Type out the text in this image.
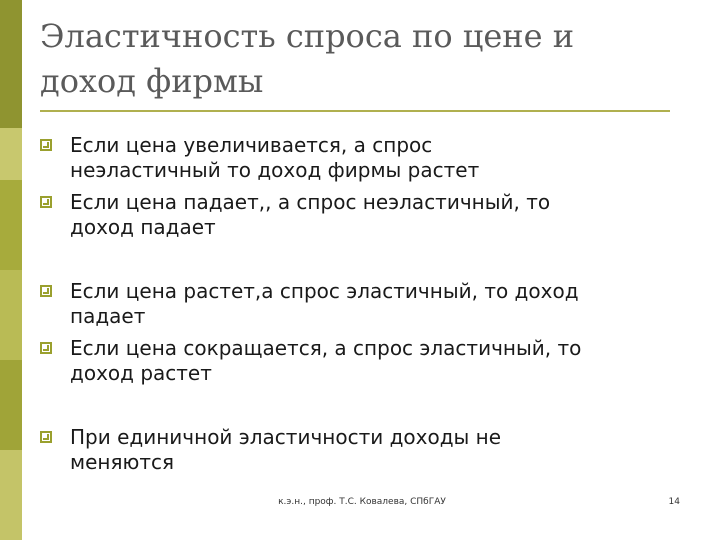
Эластичность спроса по цене и
доход фирмы
Если цена увеличивается, а спрос
неэластичный то доход фирмы растет
Если цена падает,, а спрос неэластичный, то
доход падает
Если цена растет,а спрос эластичный, то доход
падает
Если цена сокращается, а спрос эластичный, то
доход растет
При единичной эластичности доходы не
меняются
к.э.н., проф. Т.С. Ковалева, СПбГАУ	14
